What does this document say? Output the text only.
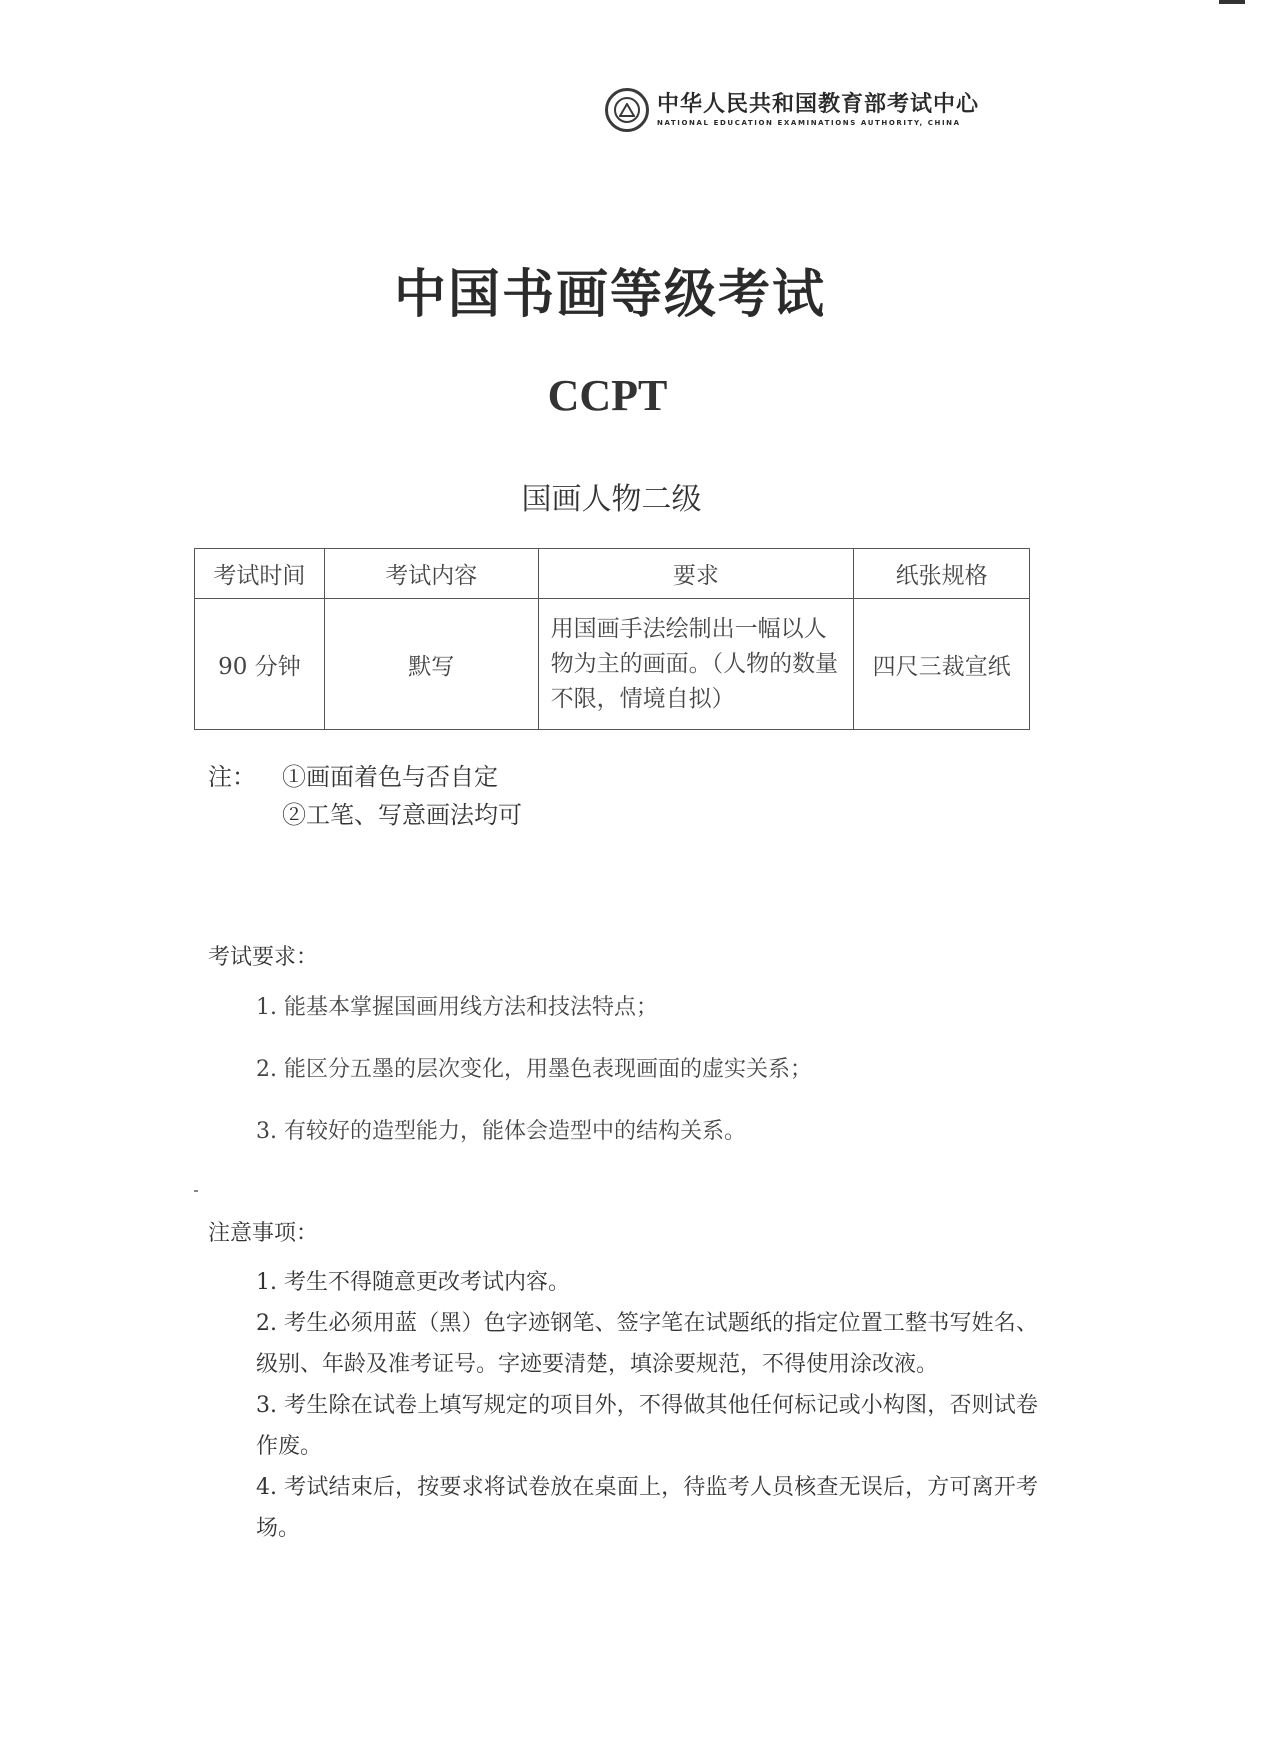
中华人民共和国教育部考试中心
NATIONAL EDUCATION EXAMINATIONS AUTHORITY, CHINA
中国书画等级考试
CCPT
国画人物二级
考试时间	考试内容	要求	纸张规格
90 分钟	默写	用国画手法绘制出一幅以人物为主的画面。（人物的数量不限，情境自拟）	四尺三裁宣纸
注： ①画面着色与否自定
②工笔、写意画法均可
考试要求：
1. 能基本掌握国画用线方法和技法特点；
2. 能区分五墨的层次变化，用墨色表现画面的虚实关系；
3. 有较好的造型能力，能体会造型中的结构关系。
注意事项：
1. 考生不得随意更改考试内容。
2. 考生必须用蓝（黑）色字迹钢笔、签字笔在试题纸的指定位置工整书写姓名、级别、年龄及准考证号。字迹要清楚，填涂要规范，不得使用涂改液。
3. 考生除在试卷上填写规定的项目外，不得做其他任何标记或小构图，否则试卷作废。
4. 考试结束后，按要求将试卷放在桌面上，待监考人员核查无误后，方可离开考场。
